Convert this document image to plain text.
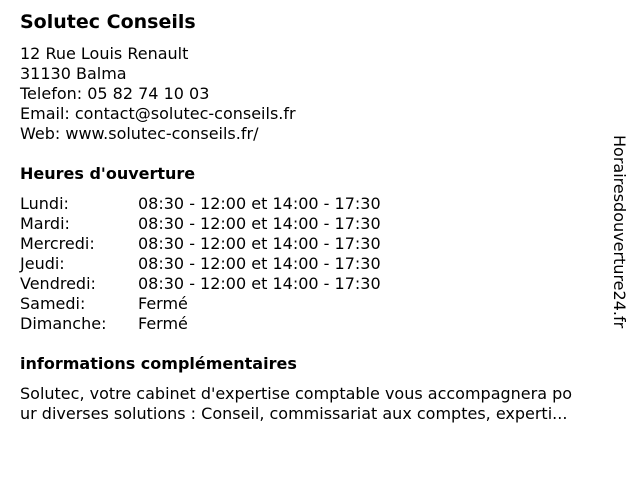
Solutec Conseils
12 Rue Louis Renault
31130 Balma
Telefon: 05 82 74 10 03
Email: contact@solutec-conseils.fr
Web: www.solutec-conseils.fr/
Heures d'ouverture
Lundi:	08:30 - 12:00 et 14:00 - 17:30
Mardi:	08:30 - 12:00 et 14:00 - 17:30
Mercredi:	08:30 - 12:00 et 14:00 - 17:30
Jeudi:	08:30 - 12:00 et 14:00 - 17:30
Vendredi:	08:30 - 12:00 et 14:00 - 17:30
Samedi:	Fermé
Dimanche:	Fermé
informations complémentaires
Solutec, votre cabinet d'expertise comptable vous accompagnera po
ur diverses solutions : Conseil, commissariat aux comptes, experti...
Horairesdouverture24.fr
